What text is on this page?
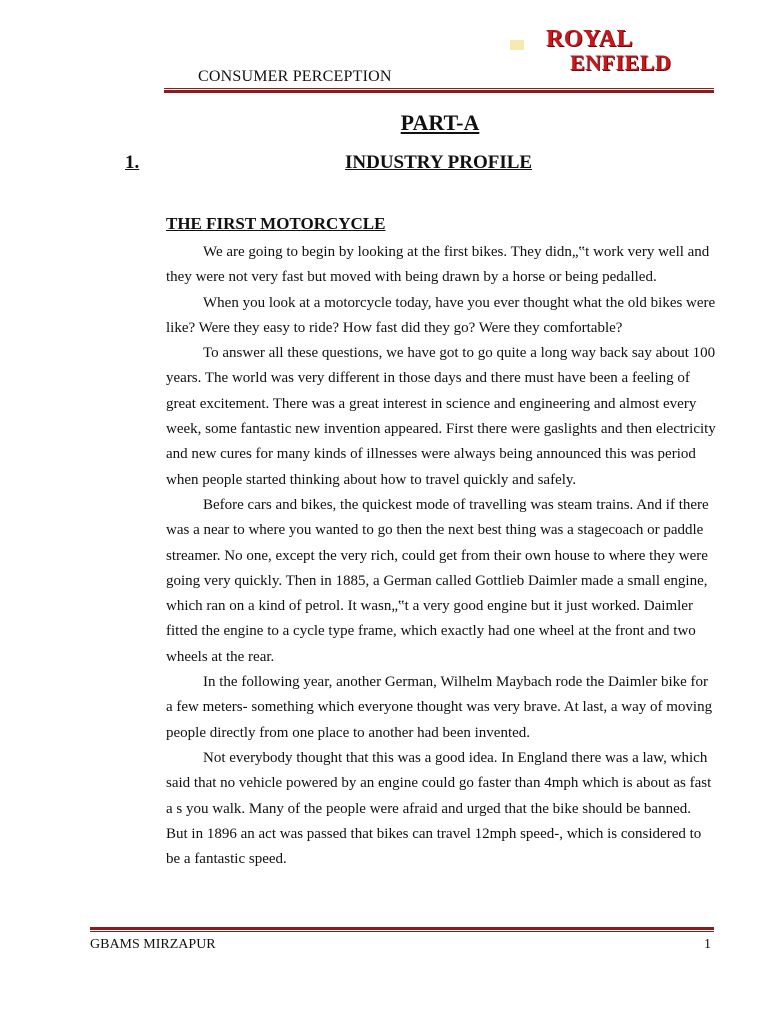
CONSUMER PERCEPTION
ROYAL
ENFIELD
PART-A
1.	INDUSTRY PROFILE
THE FIRST MOTORCYCLE

We are going to begin by looking at the first bikes. They didn„‟t work very well and they were not very fast but moved with being drawn by a horse or being pedalled.

When you look at a motorcycle today, have you ever thought what the old bikes were like? Were they easy to ride? How fast did they go? Were they comfortable?

To answer all these questions, we have got to go quite a long way back say about 100 years. The world was very different in those days and there must have been a feeling of great excitement. There was a great interest in science and engineering and almost every week, some fantastic new invention appeared. First there were gaslights and then electricity and new cures for many kinds of illnesses were always being announced this was period when people started thinking about how to travel quickly and safely.

Before cars and bikes, the quickest mode of travelling was steam trains. And if there was a near to where you wanted to go then the next best thing was a stagecoach or paddle streamer. No one, except the very rich, could get from their own house to where they were going very quickly. Then in 1885, a German called Gottlieb Daimler made a small engine, which ran on a kind of petrol. It wasn„‟t a very good engine but it just worked. Daimler fitted the engine to a cycle type frame, which exactly had one wheel at the front and two wheels at the rear.

In the following year, another German, Wilhelm Maybach rode the Daimler bike for a few meters- something which everyone thought was very brave. At last, a way of moving people directly from one place to another had been invented.

Not everybody thought that this was a good idea. In England there was a law, which said that no vehicle powered by an engine could go faster than 4mph which is about as fast a s you walk. Many of the people were afraid and urged that the bike should be banned. But in 1896 an act was passed that bikes can travel 12mph speed-, which is considered to be a fantastic speed.

GBAMS MIRZAPUR	1
